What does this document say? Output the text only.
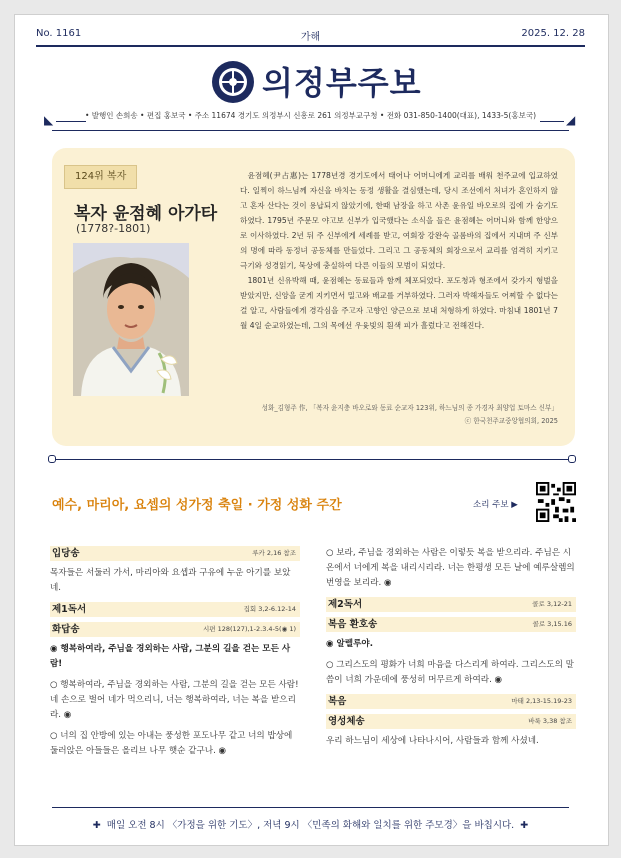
No. 1161	가해	2025. 12. 28
의정부주보
◣	• 발행인 손희송 • 편집 홍보국 • 주소 11674 경기도 의정부시 신흥로 261 의정부교구청 • 전화 031-850-1400(대표), 1433-5(홍보국)	◢
124위 복자
복자 윤점혜 아가타
(1778?-1801)
윤점혜(尹占惠)는 1778년경 경기도에서 태어나 어머니에게 교리를 배워 천주교에 입교하였다. 일찍이 하느님께 자신을 바치는 동정 생활을 결심했는데, 당시 조선에서 처녀가 혼인하지 않고 혼자 산다는 것이 용납되지 않았기에, 한때 남장을 하고 사촌 윤유일 바오로의 집에 가 숨기도 하였다. 1795년 주문모 야고보 신부가 입국했다는 소식을 들은 윤점혜는 어머니와 함께 한양으로 이사하였다. 2년 뒤 주 신부에게 세례를 받고, 여회장 강완숙 골롬바의 집에서 지내며 주 신부의 명에 따라 동정녀 공동체를 만들었다. 그리고 그 공동체의 회장으로서 교리를 엄격히 지키고 극기와 성경읽기, 묵상에 충실하여 다른 이들의 모범이 되었다.
1801년 신유박해 때, 윤점혜는 동료들과 함께 체포되었다. 포도청과 형조에서 갖가지 형벌을 받았지만, 신앙을 굳게 지키면서 밀고와 배교를 거부하였다. 그러자 박해자들도 어찌할 수 없다는 걸 알고, 사람들에게 경각심을 주고자 고향인 양근으로 보내 처형하게 하였다. 마침내 1801년 7월 4일 순교하였는데, 그의 목에선 우윳빛의 흰색 피가 흘렀다고 전해진다.
성화_김형주 作, 「복자 윤지충 바오로와 동료 순교자 123위, 하느님의 종 가경자 최양업 토마스 신부」
ⓒ 한국천주교중앙협의회, 2025
예수, 마리아, 요셉의 성가정 축일 · 가정 성화 주간	소리 주보 ▶
입당송	루카 2,16 참조
목자들은 서둘러 가서, 마리아와 요셉과 구유에 누운 아기를 보았네.
제1독서	집회 3,2-6.12-14
화답송	시편 128(127),1-2.3.4-5(◉ 1)
◉ 행복하여라, 주님을 경외하는 사람, 그분의 길을 걷는 모든 사람!
○ 행복하여라, 주님을 경외하는 사람, 그분의 길을 걷는 모든 사람! 네 손으로 벌어 네가 먹으리니, 너는 행복하여라, 너는 복을 받으리라. ◉
○ 너의 집 안방에 있는 아내는 풍성한 포도나무 같고 너의 밥상에 둘러앉은 아들들은 올리브 나무 햇순 같구나. ◉
○ 보라, 주님을 경외하는 사람은 이렇듯 복을 받으리라. 주님은 시온에서 너에게 복을 내리시리라. 너는 한평생 모든 날에 예루살렘의 번영을 보리라. ◉
제2독서	콜로 3,12-21
복음 환호송	콜로 3,15.16
◉ 알렐루야.
○ 그리스도의 평화가 너희 마음을 다스리게 하여라. 그리스도의 말씀이 너희 가운데에 풍성히 머무르게 하여라. ◉
복음	마태 2,13-15.19-23
영성체송	바룩 3,38 참조
우리 하느님이 세상에 나타나시어, 사람들과 함께 사셨네.
✚ 매일 오전 8시 〈가정을 위한 기도〉, 저녁 9시 〈민족의 화해와 일치를 위한 주모경〉을 바칩시다. ✚
